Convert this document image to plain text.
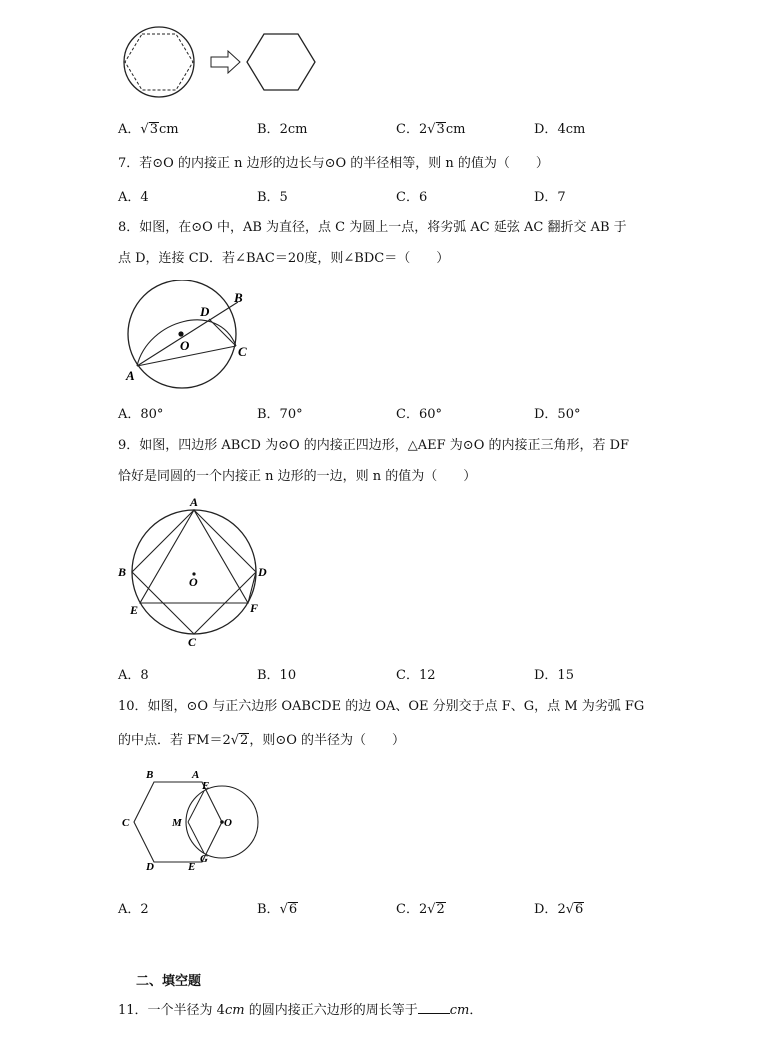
A．√3cm	B．2cm	C．2√3cm	D．4cm
7．若⊙O 的内接正 n 边形的边长与⊙O 的半径相等，则 n 的值为（　　）
A．4	B．5	C．6	D．7
8．如图，在⊙O 中，AB 为直径，点 C 为圆上一点，将劣弧 AC 延弦 AC 翻折交 AB 于
点 D，连接 CD．若∠BAC＝20度，则∠BDC＝（　　）
A
B
C
D
O
A．80°	B．70°	C．60°	D．50°
9．如图，四边形 ABCD 为⊙O 的内接正四边形，△AEF 为⊙O 的内接正三角形，若 DF
恰好是同圆的一个内接正 n 边形的一边，则 n 的值为（　　）
A
B
C
D
E	F
O
A．8	B．10	C．12	D．15
10．如图，⊙O 与正六边形 OABCDE 的边 OA、OE 分别交于点 F、G，点 M 为劣弧 FG
的中点．若 FM＝2√2，则⊙O 的半径为（　　）
B	A
E
C	M	O
G
D	E
A．2	B．√6	C．2√2	D．2√6
二、填空题
11．一个半径为 4cm 的圆内接正六边形的周长等于 cm．
